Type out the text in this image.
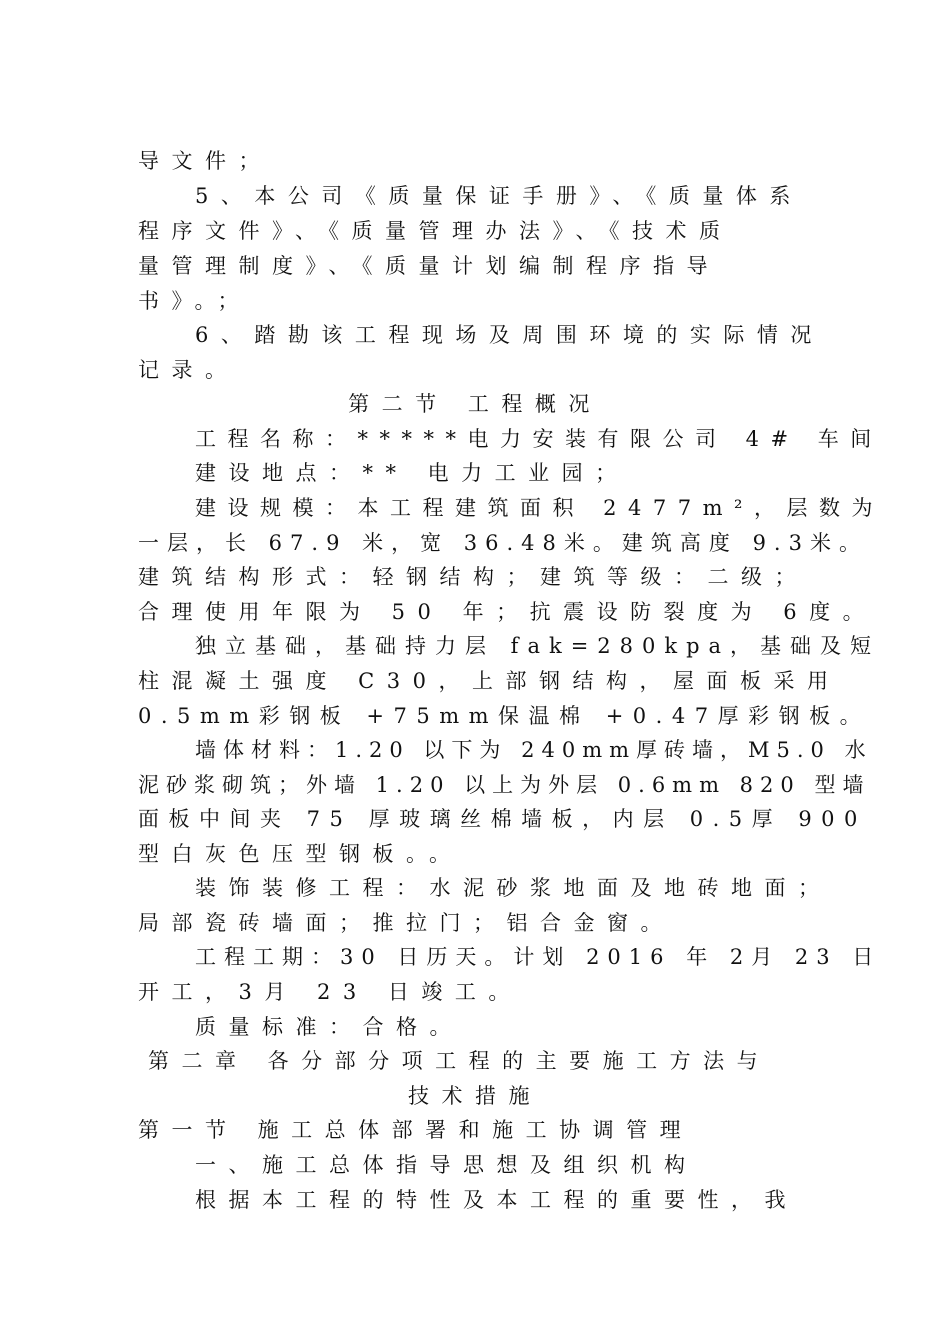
导文件；
5、本公司《质量保证手册》、《质量体系
程序文件》、《质量管理办法》、《技术质
量管理制度》、《质量计划编制程序指导
书》。；
6、踏勘该工程现场及周围环境的实际情况
记录。
第二节 工程概况
工程名称：*****电力安装有限公司 4# 车间
建设地点：** 电力工业园；
建设规模：本工程建筑面积 2477m²，层数为
一层，长 67.9 米，宽 36.48米。建筑高度 9.3米。
建筑结构形式：轻钢结构；建筑等级：二级；
合理使用年限为 50 年；抗震设防裂度为 6度。
独立基础，基础持力层 fak=280kpa，基础及短
柱混凝土强度 C30，上部钢结构，屋面板采用
0.5mm彩钢板 +75mm保温棉 +0.47厚彩钢板。
墙体材料：1.20 以下为 240mm厚砖墙，M5.0 水
泥砂浆砌筑；外墙 1.20 以上为外层 0.6mm 820 型墙
面板中间夹 75 厚玻璃丝棉墙板，内层 0.5厚 900
型白灰色压型钢板。。
装饰装修工程：水泥砂浆地面及地砖地面；
局部瓷砖墙面；推拉门；铝合金窗。
工程工期：30 日历天。计划 2016 年 2月 23 日
开工，3月 23 日竣工。
质量标准：合格。
第二章 各分部分项工程的主要施工方法与
技术措施
第一节 施工总体部署和施工协调管理
一、施工总体指导思想及组织机构
根据本工程的特性及本工程的重要性，我
